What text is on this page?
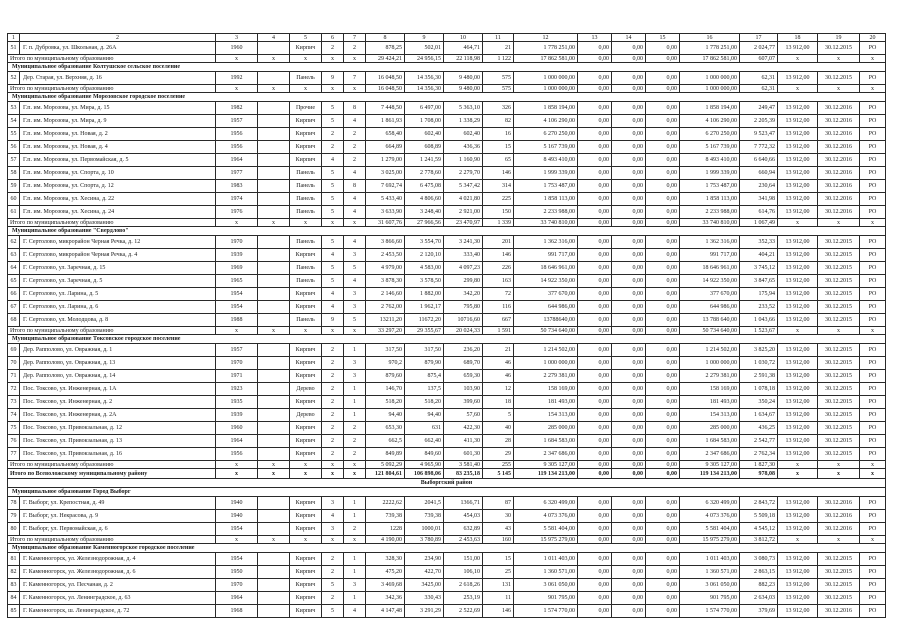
1	2	3	4	5	6	7	8	9	10	11	12	13	14	15	16	17	18	19	20
51	Г. п. Дубровка, ул. Школьная, д. 26А	1960		Кирпич	2	2	878,25	502,01	464,71	21	1 778 251,00	0,00	0,00	0,00	1 778 251,00	2 024,77	13 912,00	30.12.2015	РО
Итого по муниципальному образованию		х	х	х	х	х	29 424,21	24 956,15	22 118,98	1 122	17 862 581,00	0,00	0,00	0,00	17 862 581,00	607,07	х	х	х
Муниципальное образование Колтушское сельское поселение																			
52	Дер. Старая, ул. Верхняя, д. 16	1992		Панель	9	7	16 048,50	14 356,30	9 480,00	575	1 000 000,00	0,00	0,00	0,00	1 000 000,00	62,31	13 912,00	30.12.2015	РО
Итого по муниципальному образованию		х	х	х	х	х	16 048,50	14 356,30	9 480,00	575	1 000 000,00	0,00	0,00	0,00	1 000 000,00	62,31	х	х	х
Муниципальное образование Морозовское городское поселение																			
53	Г.п. им. Морозова, ул. Мира, д. 15	1982		Прочие	5	8	7 448,50	6 497,00	5 363,10	326	1 858 194,00	0,00	0,00	0,00	1 858 194,00	249,47	13 912,00	30.12.2016	РО
54	Г.п. им. Морозова, ул. Мира, д. 9	1957		Кирпич	5	4	1 861,93	1 708,00	1 338,29	82	4 106 290,00	0,00	0,00	0,00	4 106 290,00	2 205,39	13 912,00	30.12.2016	РО
55	Г.п. им. Морозова, ул. Новая, д. 2	1956		Кирпич	2	2	658,40	602,40	602,40	16	6 270 250,00	0,00	0,00	0,00	6 270 250,00	9 523,47	13 912,00	30.12.2016	РО
56	Г.п. им. Морозова, ул. Новая, д. 4	1956		Кирпич	2	2	664,89	608,89	436,36	15	5 167 739,00	0,00	0,00	0,00	5 167 739,00	7 772,32	13 912,00	30.12.2016	РО
57	Г.п. им. Морозова, ул. Первомайская, д. 5	1964		Кирпич	4	2	1 279,00	1 241,59	1 160,90	65	8 493 410,00	0,00	0,00	0,00	8 493 410,00	6 640,66	13 912,00	30.12.2016	РО
58	Г.п. им. Морозова, ул. Спорта, д. 10	1977		Панель	5	4	3 025,00	2 778,60	2 279,70	146	1 999 339,00	0,00	0,00	0,00	1 999 339,00	660,94	13 912,00	30.12.2016	РО
59	Г.п. им. Морозова, ул. Спорта, д. 12	1983		Панель	5	8	7 692,74	6 475,08	5 347,42	314	1 753 487,00	0,00	0,00	0,00	1 753 487,00	230,64	13 912,00	30.12.2016	РО
60	Г.п. им. Морозова, ул. Хесина, д. 22	1974		Панель	5	4	5 433,40	4 806,60	4 021,80	225	1 858 113,00	0,00	0,00	0,00	1 858 113,00	341,98	13 912,00	30.12.2016	РО
61	Г.п. им. Морозова, ул. Хесина, д. 24	1976		Панель	5	4	3 633,90	3 248,40	2 921,00	150	2 233 988,00	0,00	0,00	0,00	2 233 988,00	614,76	13 912,00	30.12.2016	РО
Итого по муниципальному образованию		х	х	х	х	х	31 607,76	27 966,56	23 470,97	1 339	33 740 810,00	0,00	0,00	0,00	33 740 810,00	1 067,49	х	х	х
Муниципальное образование "Свердлово"																			
62	Г. Сертолово, микрорайон Черная Речка, д. 12	1970		Панель	5	4	3 866,60	3 554,70	3 241,30	201	1 362 316,00	0,00	0,00	0,00	1 362 316,00	352,33	13 912,00	30.12.2015	РО
63	Г. Сертолово, микрорайон Черная Речка, д. 4	1939		Кирпич	4	3	2 453,50	2 120,10	333,40	146	991 717,00	0,00	0,00	0,00	991 717,00	404,21	13 912,00	30.12.2015	РО
64	Г. Сертолово, ул. Заречная, д. 15	1969		Панель	5	5	4 979,00	4 583,00	4 097,23	226	18 646 961,00	0,00	0,00	0,00	18 646 961,00	3 745,12	13 912,00	30.12.2015	РО
65	Г. Сертолово, ул. Заречная, д. 5	1965		Панель	5	4	3 878,30	3 578,50	299,80	163	14 922 350,00	0,00	0,00	0,00	14 922 350,00	3 847,65	13 912,00	30.12.2015	РО
66	Г. Сертолово, ул. Ларина, д. 5	1954		Кирпич	4	3	2 146,60	1 882,00	342,20	72	377 670,00	0,00	0,00	0,00	377 670,00	175,94	13 912,00	30.12.2015	РО
67	Г. Сертолово, ул. Ларина, д. 6	1954		Кирпич	4	3	2 762,00	1 962,17	795,80	116	644 986,00	0,00	0,00	0,00	644 986,00	233,52	13 912,00	30.12.2015	РО
68	Г. Сертолово, ул. Молодцова, д. 8	1988		Панель	9	5	13211,20	11672,20	10716,60	667	13788640,00	0,00	0,00	0,00	13 788 640,00	1 043,66	13 912,00	30.12.2015	РО
Итого по муниципальному образованию		х	х	х	х	х	33 297,20	29 355,67	20 024,33	1 591	50 734 640,00	0,00	0,00	0,00	50 734 640,00	1 523,67	х	х	х
Муниципальное образование Токсовское городское поселение																			
69	Дер. Рапполово, ул. Овражная, д. 1	1957		Кирпич	2	1	317,50	317,50	236,20	21	1 214 502,00	0,00	0,00	0,00	1 214 502,00	3 825,20	13 912,00	30.12.2015	РО
70	Дер. Рапполово, ул. Овражная, д. 13	1970		Кирпич	2	3	970,2	879,90	689,70	46	1 000 000,00	0,00	0,00	0,00	1 000 000,00	1 030,72	13 912,00	30.12.2015	РО
71	Дер. Рапполово, ул. Овражная, д. 14	1971		Кирпич	2	3	879,60	875,4	659,30	46	2 279 381,00	0,00	0,00	0,00	2 279 381,00	2 591,38	13 912,00	30.12.2015	РО
72	Пос. Токсово, ул. Инженерная, д. 1А	1923		Дерево	2	1	146,70	137,5	103,90	12	158 169,00	0,00	0,00	0,00	158 169,00	1 078,18	13 912,00	30.12.2015	РО
73	Пос. Токсово, ул. Инженерная, д. 2	1935		Кирпич	2	1	518,20	518,20	399,60	18	181 493,00	0,00	0,00	0,00	181 493,00	350,24	13 912,00	30.12.2015	РО
74	Пос. Токсово, ул. Инженерная, д. 2А	1939		Дерево	2	1	94,40	94,40	57,60	5	154 313,00	0,00	0,00	0,00	154 313,00	1 634,67	13 912,00	30.12.2015	РО
75	Пос. Токсово, ул. Привокзальная, д. 12	1960		Кирпич	2	2	653,30	631	422,30	40	285 000,00	0,00	0,00	0,00	285 000,00	436,25	13 912,00	30.12.2015	РО
76	Пос. Токсово, ул. Привокзальная, д. 13	1964		Кирпич	2	2	662,5	662,40	411,30	28	1 684 583,00	0,00	0,00	0,00	1 684 583,00	2 542,77	13 912,00	30.12.2015	РО
77	Пос. Токсово, ул. Привокзальная, д. 16	1956		Кирпич	2	2	849,89	849,60	601,30	29	2 347 686,00	0,00	0,00	0,00	2 347 686,00	2 762,34	13 912,00	30.12.2015	РО
Итого по муниципальному образованию		х	х	х	х	х	5 092,29	4 965,90	3 581,40	255	9 305 127,00	0,00	0,00	0,00	9 305 127,00	1 827,30	х	х	х
Итого по Всеволожскому муниципальному району		х	х	х	х	х	121 804,61	106 898,06	83 235,18	5 145	119 134 213,00	0,00	0,00	0,00	119 134 213,00	978,08	х	х	х
Выборгский район																			
Муниципальное образование Город Выборг																			
78	Г. Выборг, ул. Крепостная, д. 49	1940		Кирпич	3	1	2222,62	2041,5	1366,71	87	6 320 499,00	0,00	0,00	0,00	6 320 499,00	2 843,72	13 912,00	30.12.2016	РО
79	Г. Выборг, ул. Некрасова, д. 9	1940		Кирпич	4	1	739,38	739,38	454,03	30	4 073 376,00	0,00	0,00	0,00	4 073 376,00	5 509,18	13 912,00	30.12.2016	РО
80	Г. Выборг, ул. Первомайская, д. 6	1954		Кирпич	3	2	1228	1000,01	632,89	43	5 581 404,00	0,00	0,00	0,00	5 581 404,00	4 545,12	13 912,00	30.12.2016	РО
Итого по муниципальному образованию		х	х	х	х	х	4 190,00	3 780,89	2 453,63	160	15 975 279,00	0,00	0,00	0,00	15 975 279,00	3 812,72	х	х	х
Муниципальное образование Каменногорское городское поселение																			
81	Г. Каменногорск, ул. Железнодорожная, д. 4	1954		Кирпич	2	1	328,30	234,90	151,00	15	1 011 403,00	0,00	0,00	0,00	1 011 403,00	3 080,73	13 912,00	30.12.2015	РО
82	Г. Каменногорск, ул. Железнодорожная, д. 6	1950		Кирпич	2	1	475,20	422,70	106,10	25	1 360 571,00	0,00	0,00	0,00	1 360 571,00	2 863,15	13 912,00	30.12.2015	РО
83	Г. Каменногорск, ул. Песчаная, д. 2	1970		Кирпич	5	3	3 469,68	3425,00	2 618,26	131	3 061 050,00	0,00	0,00	0,00	3 061 050,00	882,23	13 912,00	30.12.2015	РО
84	Г. Каменногорск, ул. Ленинградское, д. 63	1964		Кирпич	2	1	342,36	330,43	253,19	11	901 795,00	0,00	0,00	0,00	901 795,00	2 634,03	13 912,00	30.12.2015	РО
85	Г. Каменногорск, ш. Ленинградское, д. 72	1968		Кирпич	5	4	4 147,48	3 291,29	2 522,69	146	1 574 770,00	0,00	0,00	0,00	1 574 770,00	379,69	13 912,00	30.12.2016	РО
